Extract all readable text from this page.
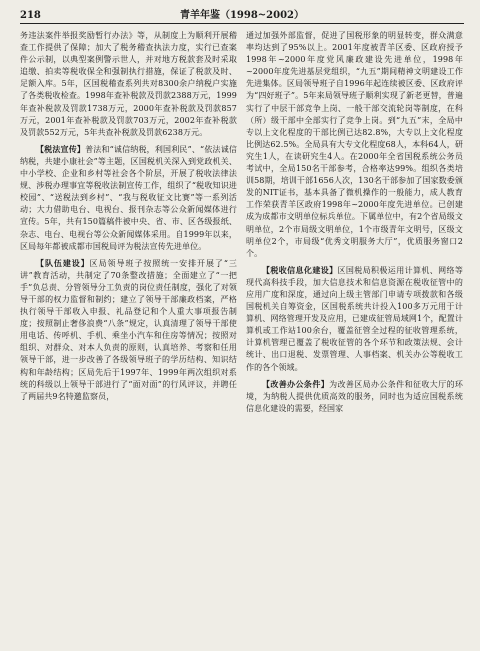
218	青羊年鉴（1998~2002）

务违法案件举报奖励暂行办法》等，从制度上为顺利开展稽查工作提供了保障；加大了税务稽查执法力度，实行已查案件公示制，以典型案例警示世人，并对地方税款套及时采取追缴、拍卖等税收保全和强制执行措施，保证了税款及时、足额入库。5年，区国税稽查系列共对8300余户纳税户实施了各类税收检查。1998年查补税款及罚款2388万元，1999年查补税款及罚款1738万元，2000年查补税款及罚款857万元，2001年查补税款及罚款703万元，2002年查补税款及罚款552万元，5年共查补税款及罚款6238万元。

【税法宣传】普法和“诚信纳税，利国利民”、“依法诚信纳税，共建小康社会”等主题，区国税机关深入到党政机关、中小学校、企业和乡村等社会各个阶层，开展了税收法律法规、涉税办理事宜等税收法制宣传工作，组织了“税收知识进校园”、“送税法到乡村”、“我与税收征文比赛”等一系列活动；大力借助电台、电视台、报刊杂志等公众新闻媒体进行宣传。5年，共有150篇稿件被中央、省、市、区各级报纸、杂志、电台、电视台等公众新闻媒体采用。自1999年以来，区局每年都被成都市国税局评为税法宣传先进单位。

【队伍建设】区局领导班子按照统一安排开展了“三讲”教育活动，共制定了70条整改措施；全面建立了“一把手”负总责、分管领导分工负责的岗位责任制度，强化了对领导干部的权力监督和制约；建立了领导干部廉政档案，严格执行领导干部收入申报、礼品登记和个人重大事项报告制度；按照制止奢侈浪费“八条”规定，认真清理了领导干部使用电话、传呼机、手机、乘坐小汽车和住房等情况；按照对组织、对群众、对本人负责的原则，认真培养、考察和任用领导干部，进一步改善了各级领导班子的学历结构、知识结构和年龄结构；区局先后于1997年、1999年两次组织对系统的科级以上领导干部进行了“面对面”的行风评议，并聘任了两届共9名特邀监察员，

通过加强外部监督，促进了国税形象的明显转变，群众满意率均达到了95%以上。2001年度被青羊区委、区政府授予1998年~2000年度党风廉政建设先进单位，1998年~2000年度先进基层党组织，“九五”期间精神文明建设工作先进集体。区局领导班子自1996年起连续被区委、区政府评为“四好班子”。5年来局领导班子顺利实现了新老更替，普遍实行了中层干部竞争上岗、一般干部交流轮岗等制度，在科（所）级干部中全部实行了竞争上岗。到“九五”末，全局中专以上文化程度的干部比例已达82.8%，大专以上文化程度比例达62.5%。全局具有大专文化程度68人，本科64人，研究生1人，在读研究生4人。在2000年全省国税系统公务员考试中，全局150名干部参考，合格率达99%。组织各类培训58期，培训干部1656人次，130名干部参加了国家数委颁发的NIT证书，基本具备了微机操作的一般能力，成人教育工作荣获青羊区政府1998年~2000年度先进单位。已创建成为成都市文明单位标兵单位。下属单位中，有2个省局级文明单位，2个市局级文明单位，1个市级青年文明号，区级文明单位2个，市局级“优秀文明服务大厅”，优质服务窗口2个。

【税收信息化建设】区国税局积极运用计算机、网络等现代高科技手段，加大信息技术和信息资源在税收征管中的应用广度和深度，通过向上级主管部门申请专项拨款和各级国税机关自筹资金，区国税系统共计投入100多万元用于计算机、网络管理开发及应用，已建成征管局域网1个，配置计算机或工作站100余台，覆盖征管全过程的征收管理系统，计算机管理已覆盖了税收征管的各个环节和政策法规、会计统计、出口退税、发票管理、人事档案、机关办公等税收工作的各个领域。

【改善办公条件】为改善区局办公条件和征收大厅的环境，为纳税人提供优质高效的服务，同时也为适应国税系统信息化建设的需要，经国家
